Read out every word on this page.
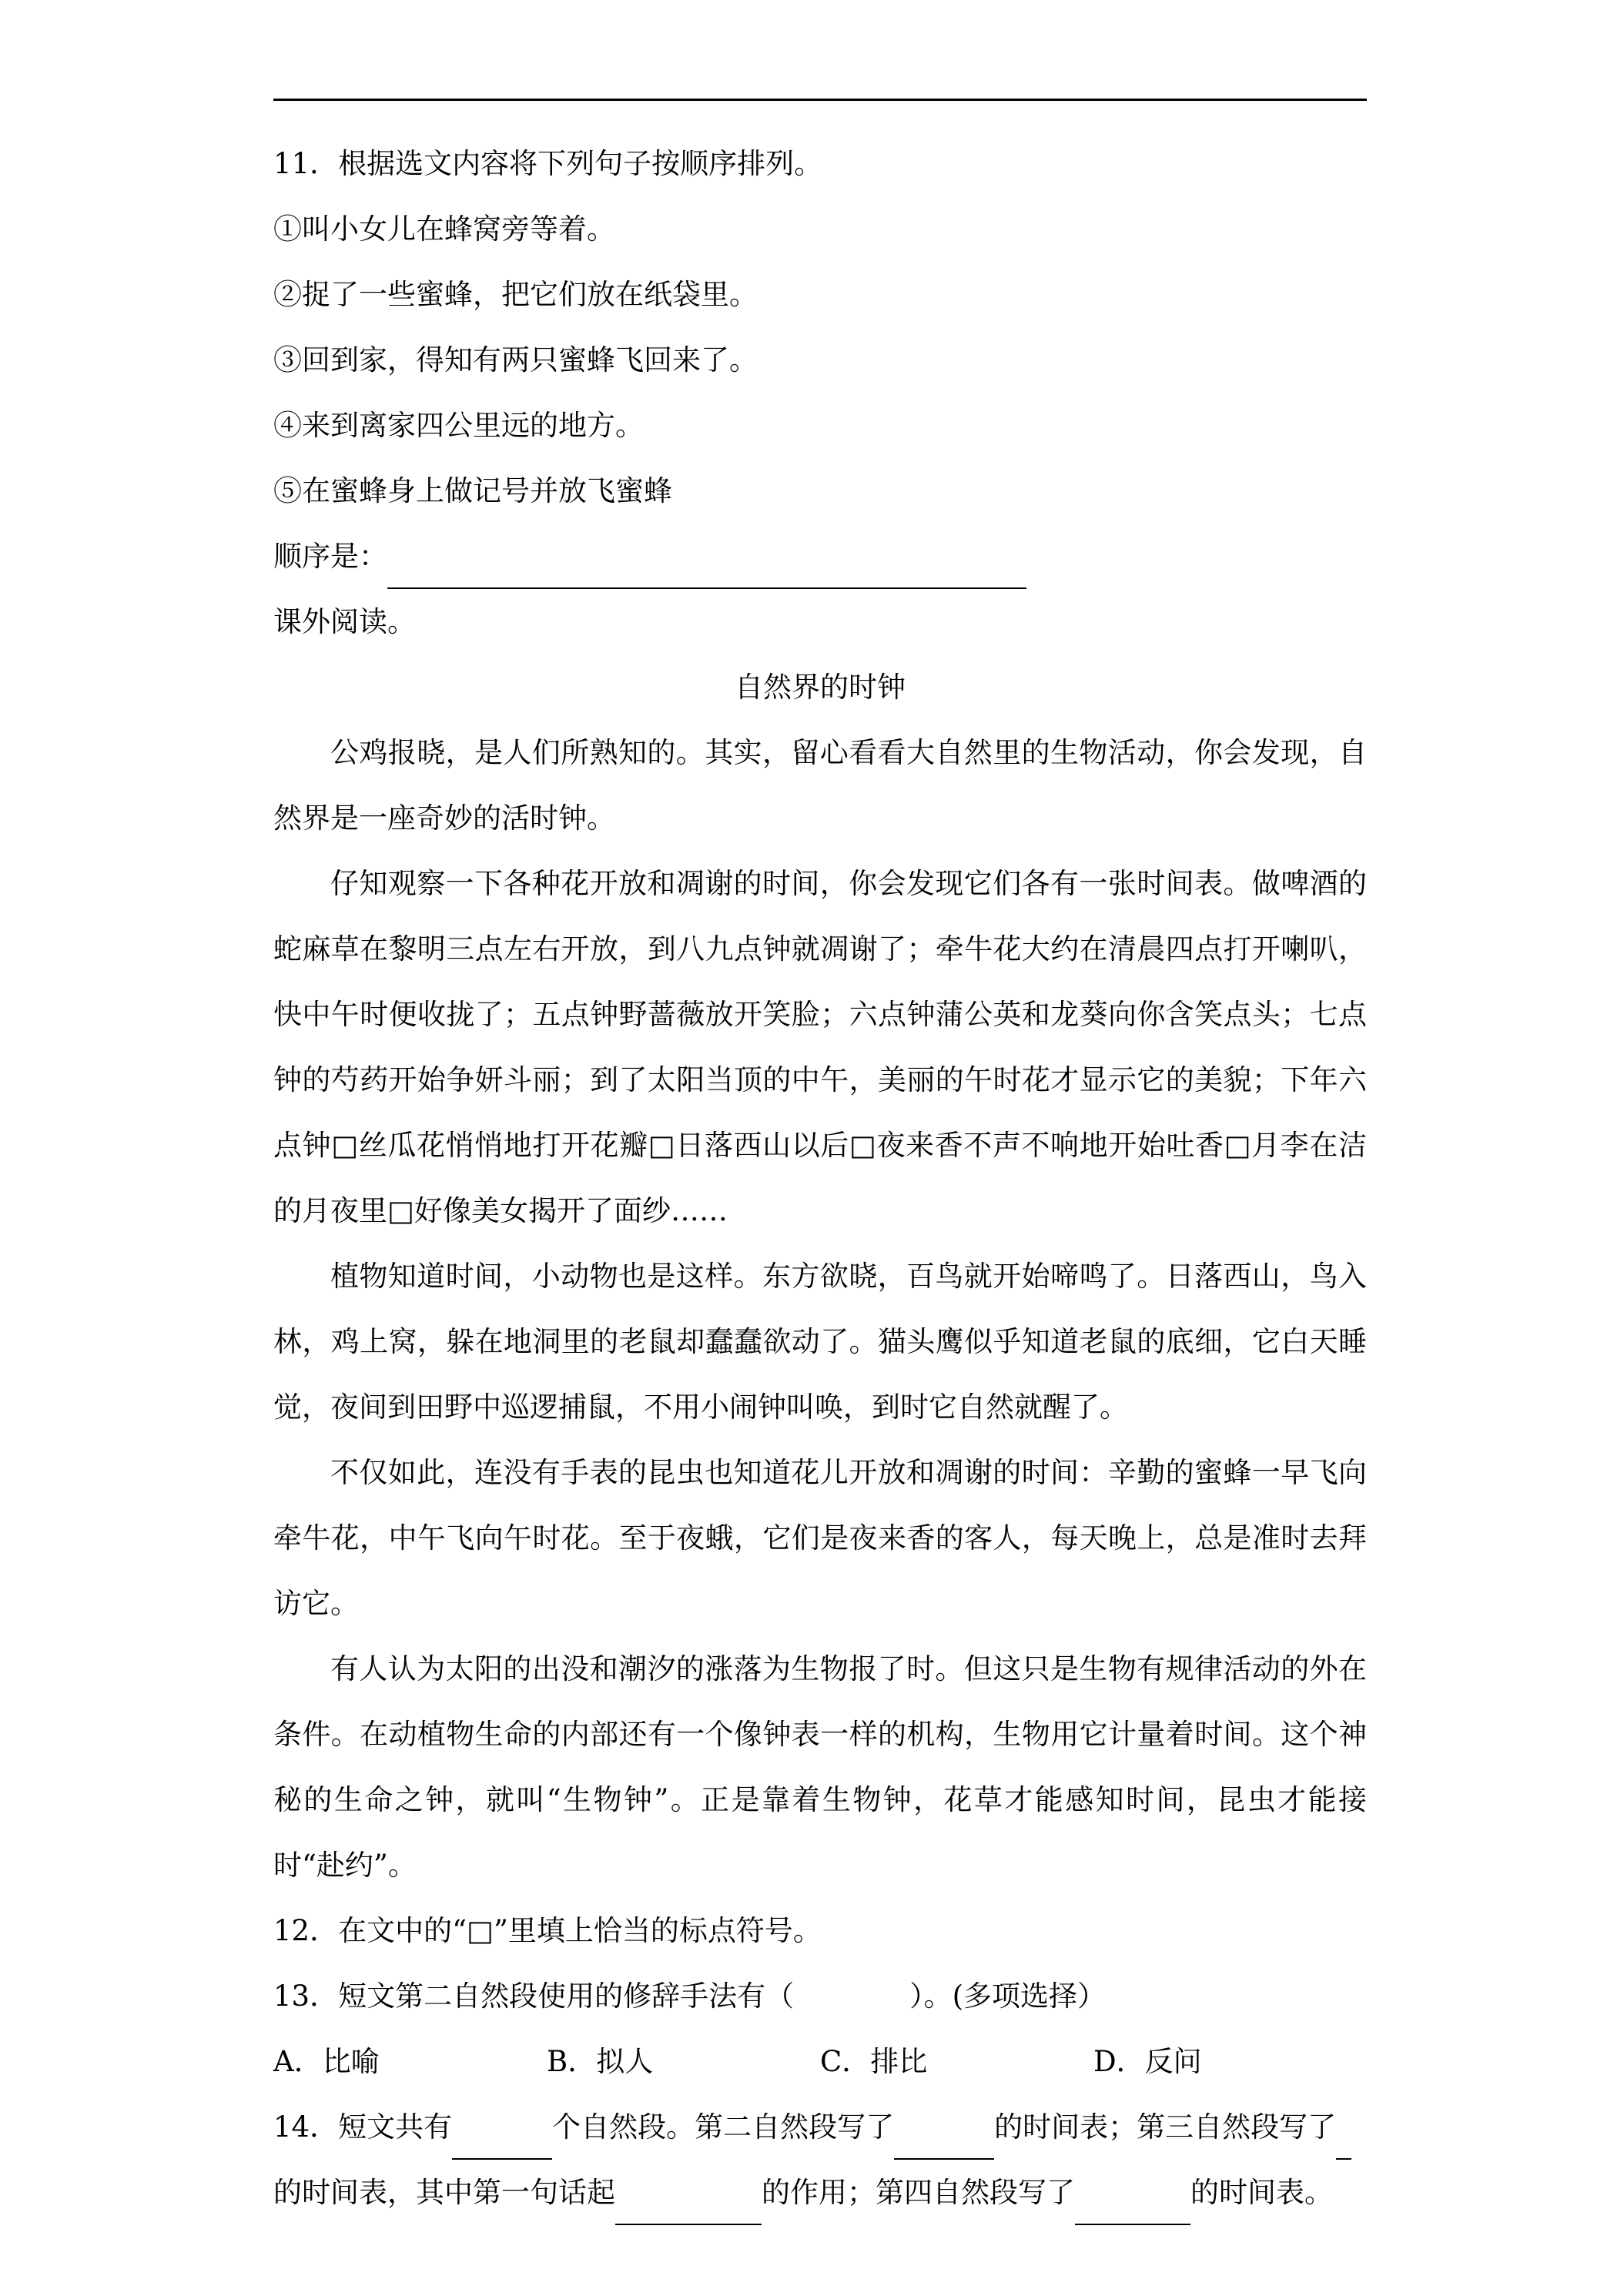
11．根据选文内容将下列句子按顺序排列。
①叫小女儿在蜂窝旁等着。
②捉了一些蜜蜂，把它们放在纸袋里。
③回到家，得知有两只蜜蜂飞回来了。
④来到离家四公里远的地方。
⑤在蜜蜂身上做记号并放飞蜜蜂
顺序是：
课外阅读。
自然界的时钟

公鸡报晓，是人们所熟知的。其实，留心看看大自然里的生物活动，你会发现，自然界是一座奇妙的活时钟。

仔知观察一下各种花开放和凋谢的时间，你会发现它们各有一张时间表。做啤酒的蛇麻草在黎明三点左右开放，到八九点钟就凋谢了；牵牛花大约在清晨四点打开喇叭，快中午时便收拢了；五点钟野蔷薇放开笑脸；六点钟蒲公英和龙葵向你含笑点头；七点钟的芍药开始争妍斗丽；到了太阳当顶的中午，美丽的午时花才显示它的美貌；下年六点钟□丝瓜花悄悄地打开花瓣□日落西山以后□夜来香不声不响地开始吐香□月李在洁的月夜里□好像美女揭开了面纱……

植物知道时间，小动物也是这样。东方欲晓，百鸟就开始啼鸣了。日落西山，鸟入林，鸡上窝，躲在地洞里的老鼠却蠢蠢欲动了。猫头鹰似乎知道老鼠的底细，它白天睡觉，夜间到田野中巡逻捕鼠，不用小闹钟叫唤，到时它自然就醒了。

不仅如此，连没有手表的昆虫也知道花儿开放和凋谢的时间：辛勤的蜜蜂一早飞向牵牛花，中午飞向午时花。至于夜蛾，它们是夜来香的客人，每天晚上，总是准时去拜访它。

有人认为太阳的出没和潮汐的涨落为生物报了时。但这只是生物有规律活动的外在条件。在动植物生命的内部还有一个像钟表一样的机构，生物用它计量着时间。这个神秘的生命之钟，就叫“生物钟”。正是靠着生物钟，花草才能感知时间，昆虫才能接时“赴约”。

12．在文中的“□”里填上恰当的标点符号。
13．短文第二自然段使用的修辞手法有（	）。(多项选择）
A．比喻	B．拟人	C．排比	D．反问
14．短文共有	个自然段。第二自然段写了	的时间表；第三自然段写了
的时间表，其中第一句话起	的作用；第四自然段写了	的时间表。
